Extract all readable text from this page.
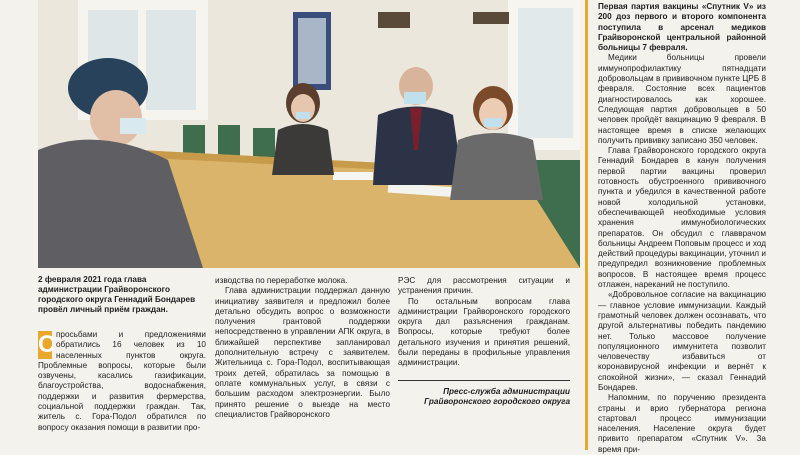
2 февраля 2021 года глава администрации Грайворонского городского округа Геннадий Бондарев провёл личный приём граждан.

С просьбами и предложениями обратились 16 человек из 10 населенных пунктов округа. Проблемные вопросы, которые были озвучены, касались газификации, благоустройства, водоснабжения, поддержки и развития фермерства, социальной поддержки граждан. Так, житель с. Гора-Подол обратился по вопросу оказания помощи в развитии про-

изводства по переработке молока.

Глава администрации поддержал данную инициативу заявителя и предложил более детально обсудить вопрос о возможности получения грантовой поддержки непосредственно в управлении АПК округа, в ближайшей перспективе запланировал дополнительную встречу с заявителем. Жительница с. Гора-Подол, воспитывающая троих детей, обратилась за помощью в оплате коммунальных услуг, в связи с большим расходом электроэнергии. Было принято решение о выезде на место специалистов Грайворонского

РЭС для рассмотрения ситуации и устранения причин.

По остальным вопросам глава администрации Грайворонского городского округа дал разъяснения гражданам. Вопросы, которые требуют более детального изучения и принятия решений, были переданы в профильные управления администрации.

Пресс-служба администрации Грайворонского городского округа

Первая партия вакцины «Спутник V» из 200 доз первого и второго компонента поступила в арсенал медиков Грайворонской центральной районной больницы 7 февраля.

Медики больницы провели иммунопрофилактику пятнадцати добровольцам в прививочном пункте ЦРБ 8 февраля. Состояние всех пациентов диагностировалось как хорошее. Следующая партия добровольцев в 50 человек пройдёт вакцинацию 9 февраля. В настоящее время в списке желающих получить прививку записано 350 человек.

Глава Грайворонского городского округа Геннадий Бондарев в канун получения первой партии вакцины проверил готовность обустроенного прививочного пункта и убедился в качественной работе новой холодильной установки, обеспечивающей необходимые условия хранения иммунобиологических препаратов. Он обсудил с главврачом больницы Андреем Поповым процесс и ход действий процедуры вакцинации, уточнил и предупредил возникновение проблемных вопросов. В настоящее время процесс отлажен, нареканий не поступило.

«Добровольное согласие на вакцинацию — главное условие иммунизации. Каждый грамотный человек должен осознавать, что другой альтернативы победить пандемию нет. Только массовое получение популяционного иммунитета позволит человечеству избавиться от коронавирусной инфекции и вернёт к спокойной жизни», — сказал Геннадий Бондарев.

Напомним, по поручению президента страны и врио губернатора региона стартовал процесс иммунизации населения. Население округа будет привито препаратом «Спутник V». За время при-
